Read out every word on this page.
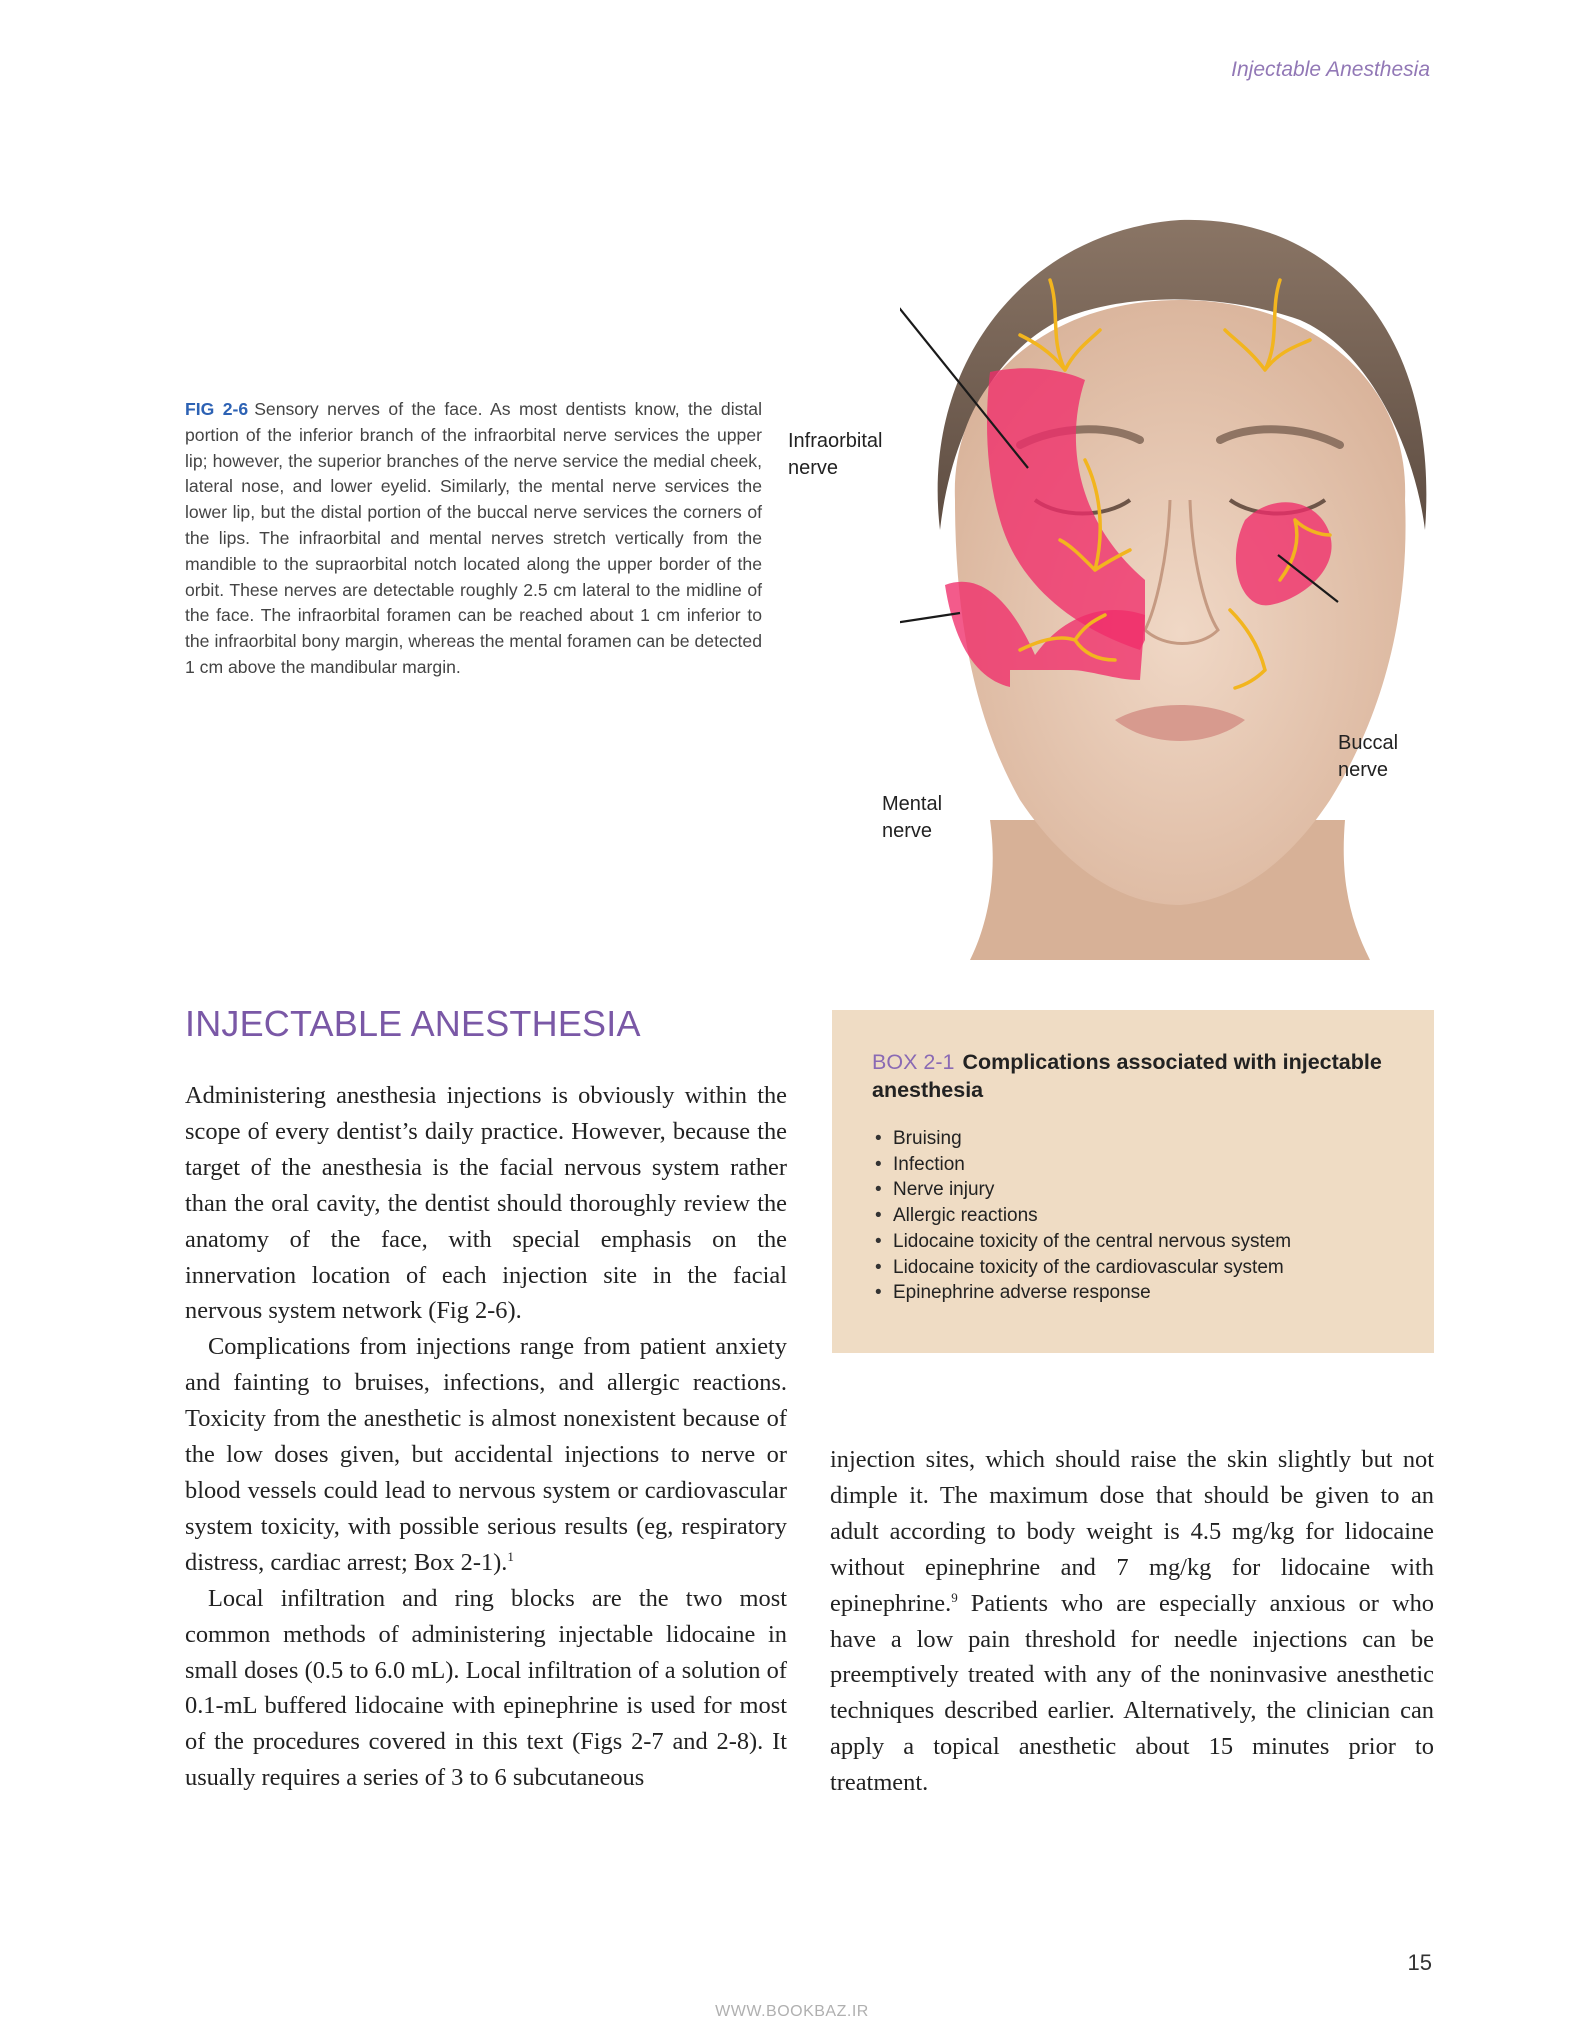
Injectable Anesthesia
FIG 2-6 Sensory nerves of the face. As most dentists know, the distal portion of the inferior branch of the infraorbital nerve services the upper lip; however, the superior branches of the nerve service the medial cheek, lateral nose, and lower eyelid. Similarly, the mental nerve services the lower lip, but the distal portion of the buccal nerve services the corners of the lips. The infraorbital and mental nerves stretch vertically from the mandible to the supraorbital notch located along the upper border of the orbit. These nerves are detectable roughly 2.5 cm lateral to the midline of the face. The infraorbital foramen can be reached about 1 cm inferior to the infraorbital bony margin, whereas the mental foramen can be detected 1 cm above the mandibular margin.
Infraorbital
nerve
Buccal
nerve
Mental
nerve
INJECTABLE ANESTHESIA

Administering anesthesia injections is obviously within the scope of every dentist’s daily practice. However, because the target of the anesthesia is the facial nervous system rather than the oral cavity, the dentist should thoroughly review the anatomy of the face, with special emphasis on the innervation location of each injection site in the facial nervous system network (Fig 2-6).

Complications from injections range from patient anxiety and fainting to bruises, infections, and allergic reactions. Toxicity from the anesthetic is almost nonexistent because of the low doses given, but accidental injections to nerve or blood vessels could lead to nervous system or cardiovascular system toxicity, with possible serious results (eg, respiratory distress, cardiac arrest; Box 2-1).$^1$

Local infiltration and ring blocks are the two most common methods of administering injectable lidocaine in small doses (0.5 to 6.0 mL). Local infiltration of a solution of 0.1-mL buffered lidocaine with epinephrine is used for most of the procedures covered in this text (Figs 2-7 and 2-8). It usually requires a series of 3 to 6 subcutaneous

BOX 2-1 Complications associated with injectable anesthesia

• Bruising
• Infection
• Nerve injury
• Allergic reactions
• Lidocaine toxicity of the central nervous system
• Lidocaine toxicity of the cardiovascular system
• Epinephrine adverse response

injection sites, which should raise the skin slightly but not dimple it. The maximum dose that should be given to an adult according to body weight is 4.5 mg/kg for lidocaine without epinephrine and 7 mg/kg for lidocaine with epinephrine.$^9$ Patients who are especially anxious or who have a low pain threshold for needle injections can be preemptively treated with any of the noninvasive anesthetic techniques described earlier. Alternatively, the clinician can apply a topical anesthetic about 15 minutes prior to treatment.

15
WWW.BOOKBAZ.IR
